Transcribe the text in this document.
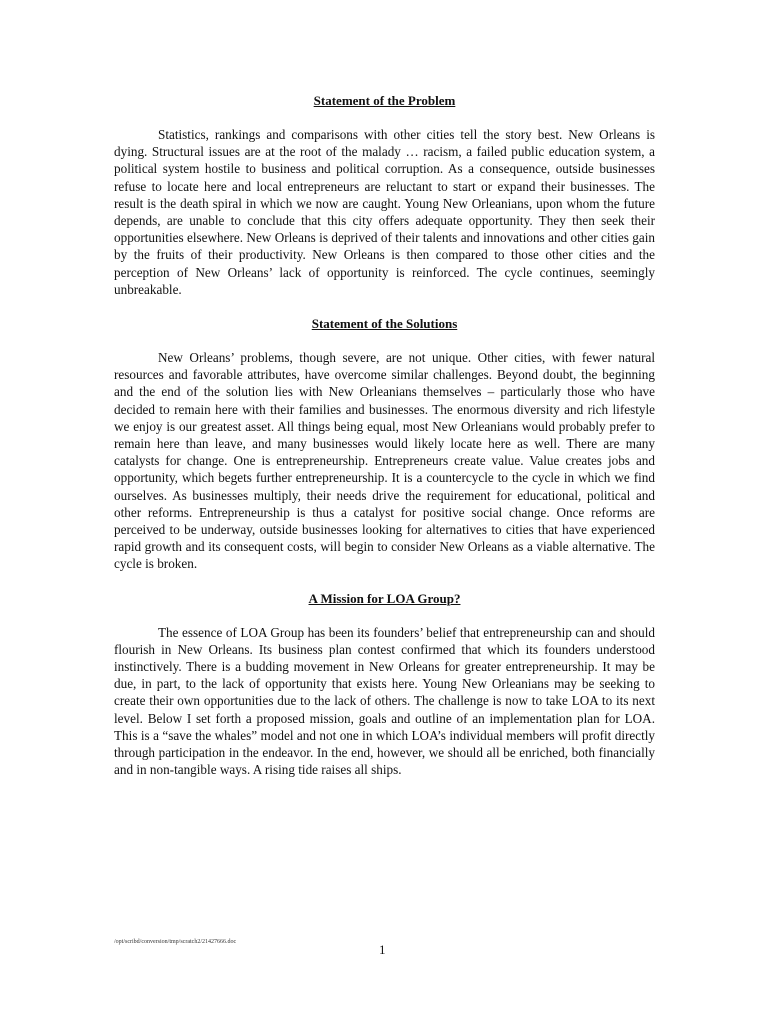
Statement of the Problem

Statistics, rankings and comparisons with other cities tell the story best. New Orleans is dying. Structural issues are at the root of the malady … racism, a failed public education system, a political system hostile to business and political corruption. As a consequence, outside businesses refuse to locate here and local entrepreneurs are reluctant to start or expand their businesses. The result is the death spiral in which we now are caught. Young New Orleanians, upon whom the future depends, are unable to conclude that this city offers adequate opportunity. They then seek their opportunities elsewhere. New Orleans is deprived of their talents and innovations and other cities gain by the fruits of their productivity. New Orleans is then compared to those other cities and the perception of New Orleans’ lack of opportunity is reinforced. The cycle continues, seemingly unbreakable.

Statement of the Solutions

New Orleans’ problems, though severe, are not unique. Other cities, with fewer natural resources and favorable attributes, have overcome similar challenges. Beyond doubt, the beginning and the end of the solution lies with New Orleanians themselves – particularly those who have decided to remain here with their families and businesses. The enormous diversity and rich lifestyle we enjoy is our greatest asset. All things being equal, most New Orleanians would probably prefer to remain here than leave, and many businesses would likely locate here as well. There are many catalysts for change. One is entrepreneurship. Entrepreneurs create value. Value creates jobs and opportunity, which begets further entrepreneurship. It is a countercycle to the cycle in which we find ourselves. As businesses multiply, their needs drive the requirement for educational, political and other reforms. Entrepreneurship is thus a catalyst for positive social change. Once reforms are perceived to be underway, outside businesses looking for alternatives to cities that have experienced rapid growth and its consequent costs, will begin to consider New Orleans as a viable alternative. The cycle is broken.

A Mission for LOA Group?

The essence of LOA Group has been its founders’ belief that entrepreneurship can and should flourish in New Orleans. Its business plan contest confirmed that which its founders understood instinctively. There is a budding movement in New Orleans for greater entrepreneurship. It may be due, in part, to the lack of opportunity that exists here. Young New Orleanians may be seeking to create their own opportunities due to the lack of others. The challenge is now to take LOA to its next level. Below I set forth a proposed mission, goals and outline of an implementation plan for LOA. This is a “save the whales” model and not one in which LOA’s individual members will profit directly through participation in the endeavor. In the end, however, we should all be enriched, both financially and in non-tangible ways. A rising tide raises all ships.

/opt/scribd/conversion/tmp/scratch2/21427666.doc	1
